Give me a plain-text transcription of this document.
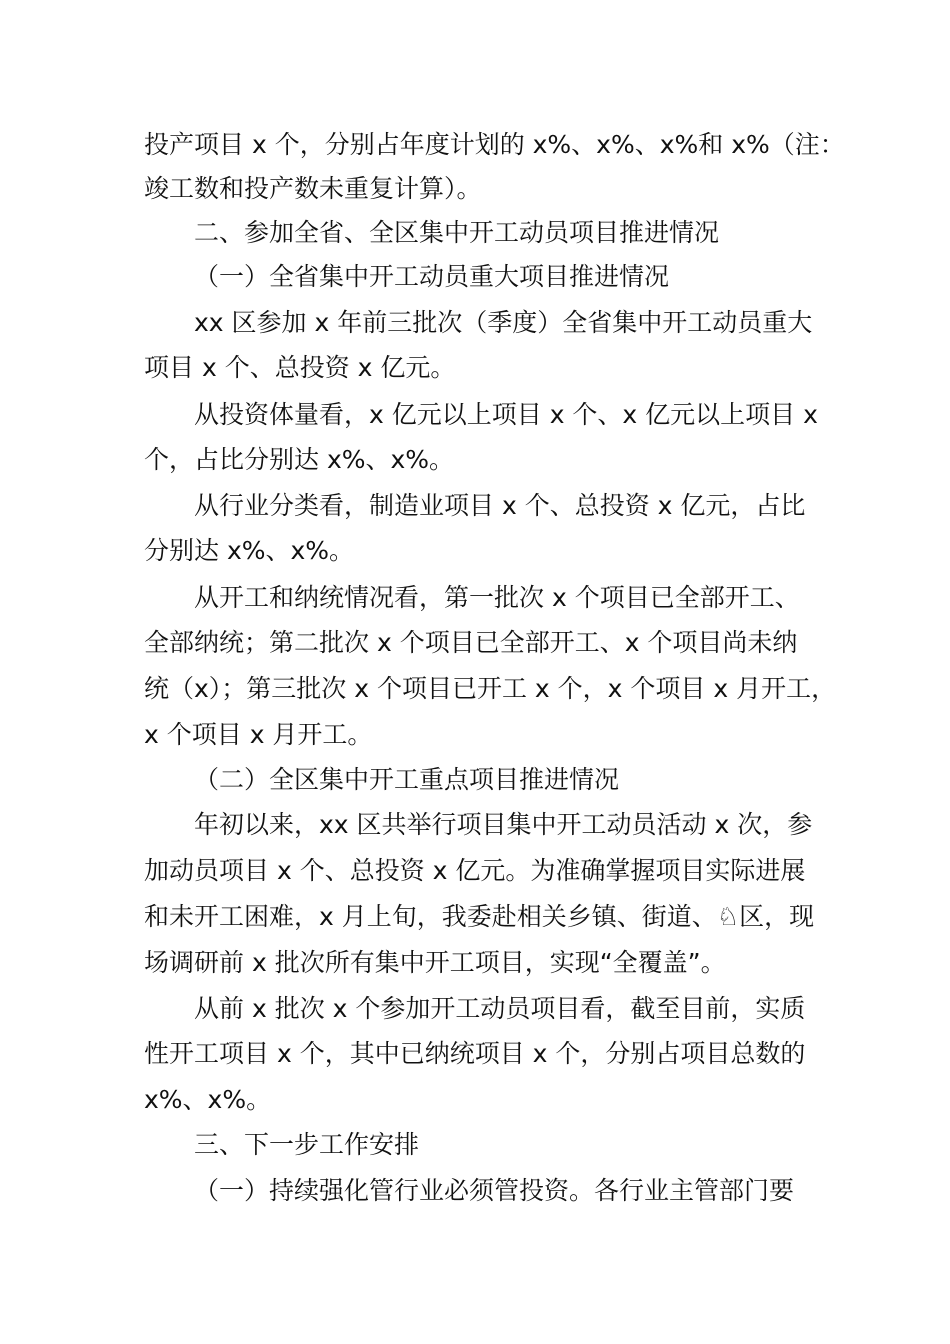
投产项目 x 个，分别占年度计划的 x%、x%、x%和 x%（注：
竣工数和投产数未重复计算）。
二、参加全省、全区集中开工动员项目推进情况
（一）全省集中开工动员重大项目推进情况
xx 区参加 x 年前三批次（季度）全省集中开工动员重大
项目 x 个、总投资 x 亿元。
从投资体量看，x 亿元以上项目 x 个、x 亿元以上项目 x
个，占比分别达 x%、x%。
从行业分类看，制造业项目 x 个、总投资 x 亿元，占比
分别达 x%、x%。
从开工和纳统情况看，第一批次 x 个项目已全部开工、
全部纳统；第二批次 x 个项目已全部开工、x 个项目尚未纳
统（x）；第三批次 x 个项目已开工 x 个，x 个项目 x 月开工，
x 个项目 x 月开工。
（二）全区集中开工重点项目推进情况
年初以来，xx 区共举行项目集中开工动员活动 x 次，参
加动员项目 x 个、总投资 x 亿元。为准确掌握项目实际进展
和未开工困难，x 月上旬，我委赴相关乡镇、街道、♘区，现
场调研前 x 批次所有集中开工项目，实现“全覆盖”。
从前 x 批次 x 个参加开工动员项目看，截至目前，实质
性开工项目 x 个，其中已纳统项目 x 个，分别占项目总数的
x%、x%。
三、下一步工作安排
（一）持续强化管行业必须管投资。各行业主管部门要
